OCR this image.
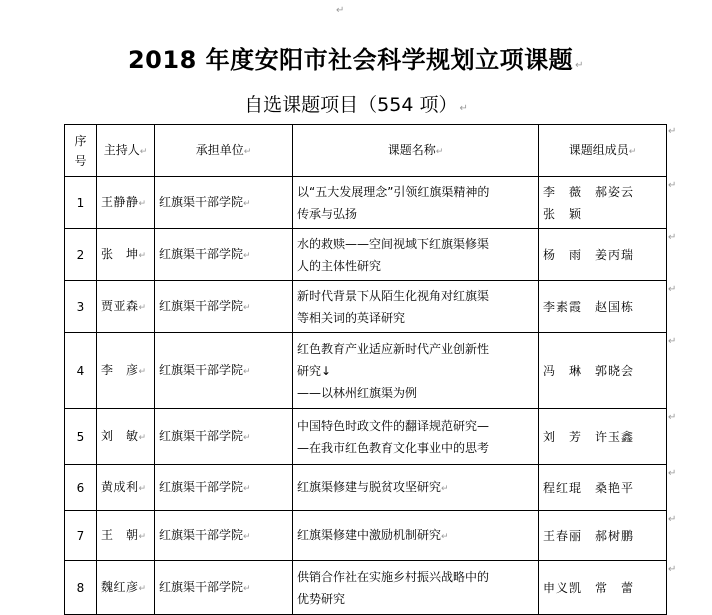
↵
2018 年度安阳市社会科学规划立项课题 ↵
自选课题项目（554 项） ↵
序
号	主持人↵	承担单位↵	课题名称↵	课题组成员↵
1	王静静↵	红旗渠干部学院↵	以“五大发展理念”引领红旗渠精神的
传承与弘扬	李　薇　郝姿云
张　颖

2	张　坤↵	红旗渠干部学院↵	水的救赎——空间视域下红旗渠修渠
人的主体性研究	杨　雨　姜丙瑞
3	贾亚森↵	红旗渠干部学院↵	新时代背景下从陌生化视角对红旗渠
等相关词的英译研究	李素霞　赵国栋
4	李　彦↵	红旗渠干部学院↵	红色教育产业适应新时代产业创新性
研究↓
——以林州红旗渠为例	冯　琳　郭晓会
5	刘　敏↵	红旗渠干部学院↵	中国特色时政文件的翻译规范研究—
—在我市红色教育文化事业中的思考	刘　芳　许玉鑫
6	黄成利↵	红旗渠干部学院↵	红旗渠修建与脱贫攻坚研究↵	程红琨　桑艳平
7	王　朝↵	红旗渠干部学院↵	红旗渠修建中激励机制研究↵	王春丽　郝树鹏
8	魏红彦↵	红旗渠干部学院↵	供销合作社在实施乡村振兴战略中的
优势研究	申义凯　常　蕾
↵
↵
↵
↵
↵
↵
↵
↵
↵
